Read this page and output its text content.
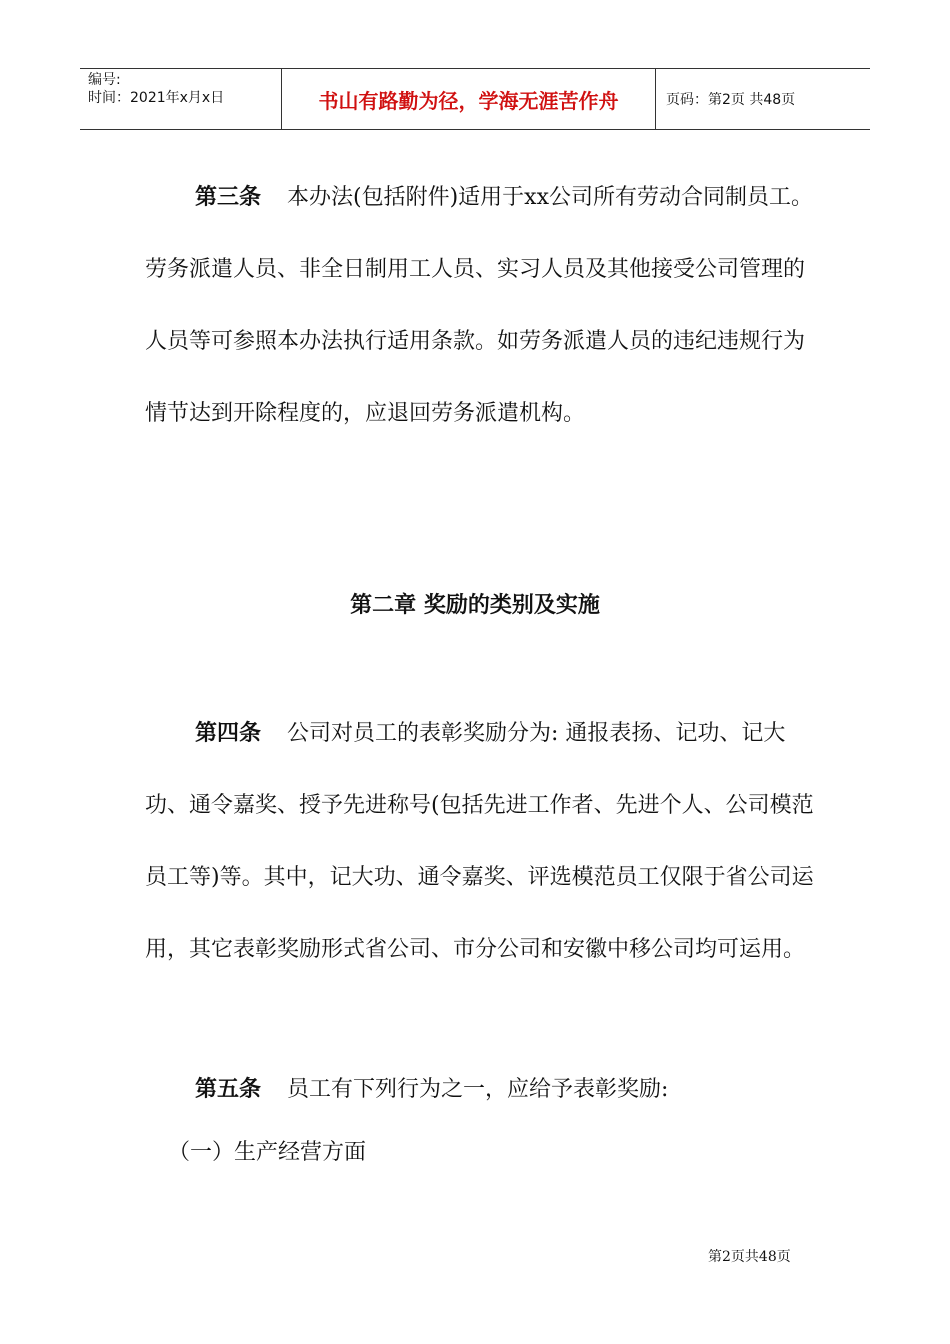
编号:
时间：2021年x月x日	书山有路勤为径，学海无涯苦作舟	页码：第2页 共48页

第三条 本办法(包括附件)适用于xx公司所有劳动合同制员工。劳务派遣人员、非全日制用工人员、实习人员及其他接受公司管理的人员等可参照本办法执行适用条款。如劳务派遣人员的违纪违规行为情节达到开除程度的，应退回劳务派遣机构。

第二章 奖励的类别及实施

第四条 公司对员工的表彰奖励分为: 通报表扬、记功、记大功、通令嘉奖、授予先进称号(包括先进工作者、先进个人、公司模范员工等)等。其中，记大功、通令嘉奖、评选模范员工仅限于省公司运用，其它表彰奖励形式省公司、市分公司和安徽中移公司均可运用。

第五条 员工有下列行为之一，应给予表彰奖励:

（一）生产经营方面

第2页共48页
